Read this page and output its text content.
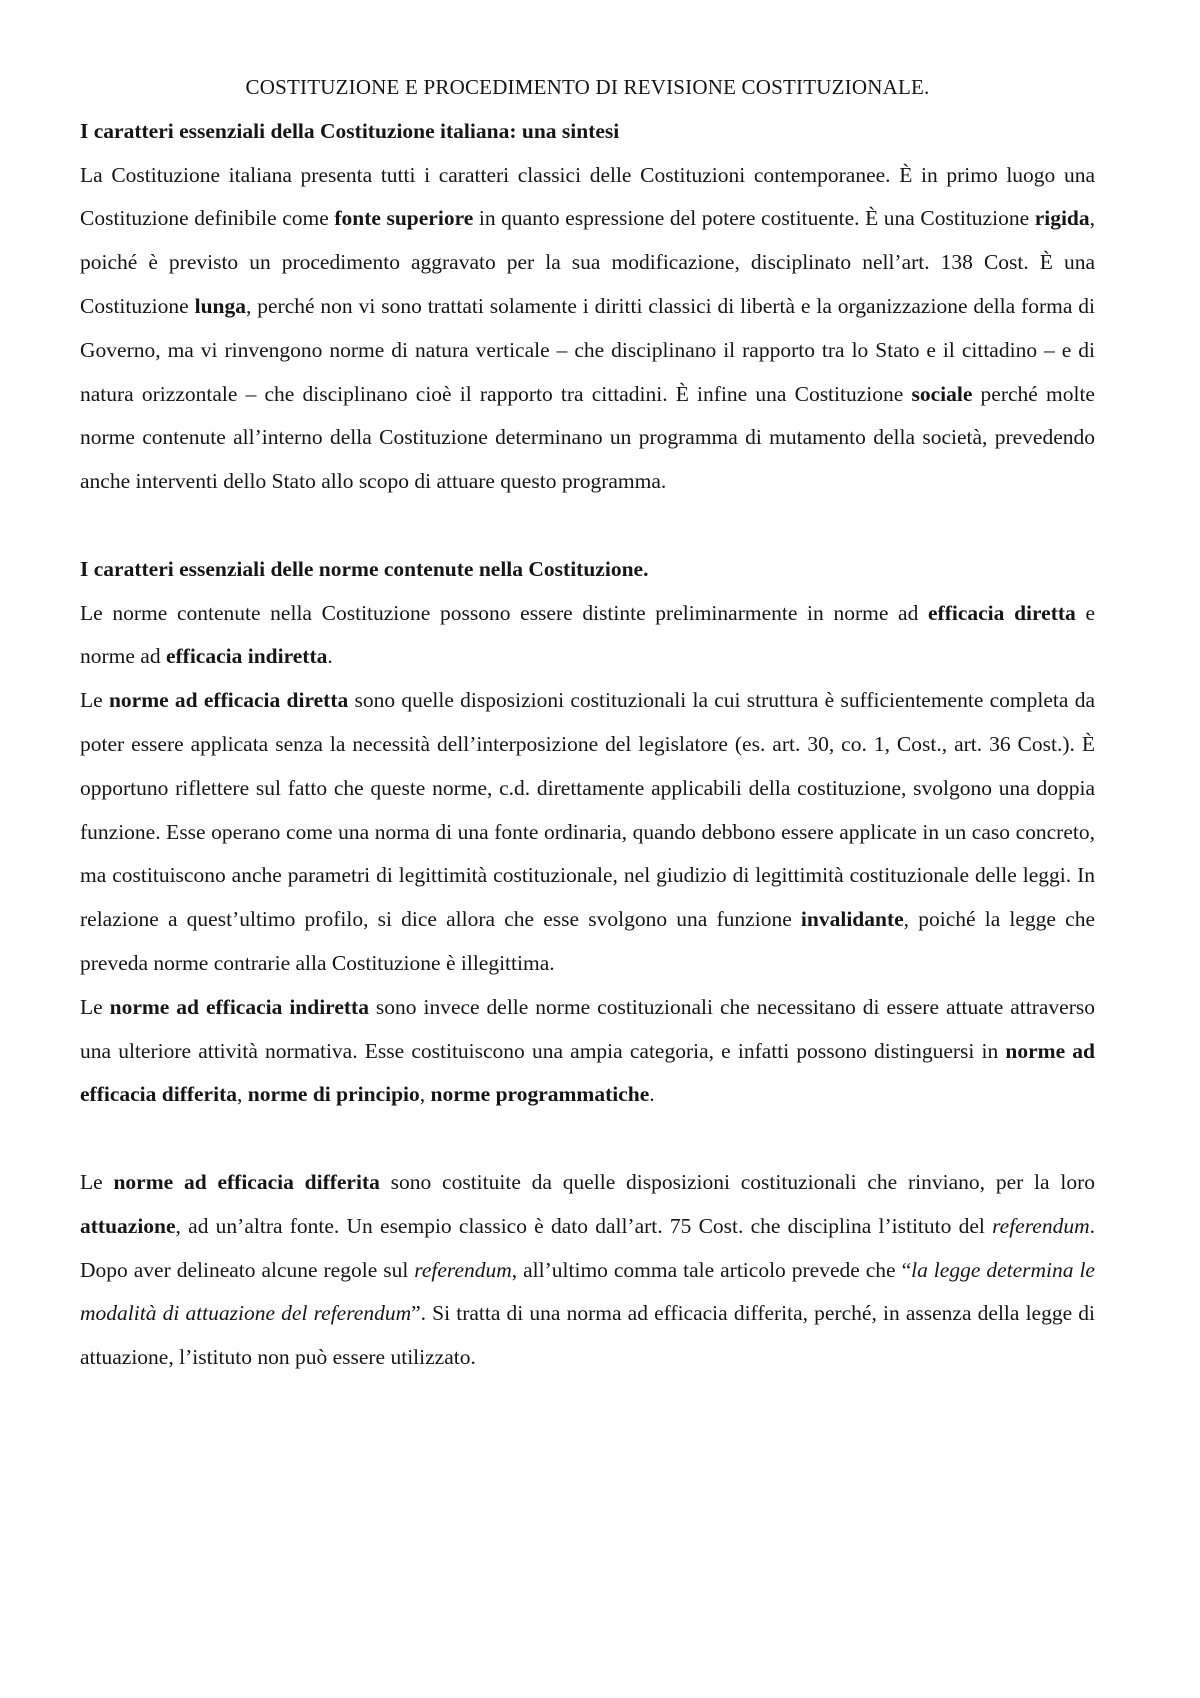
COSTITUZIONE E PROCEDIMENTO DI REVISIONE COSTITUZIONALE.

I caratteri essenziali della Costituzione italiana: una sintesi

La Costituzione italiana presenta tutti i caratteri classici delle Costituzioni contemporanee. È in primo luogo una Costituzione definibile come fonte superiore in quanto espressione del potere costituente. È una Costituzione rigida, poiché è previsto un procedimento aggravato per la sua modificazione, disciplinato nell’art. 138 Cost. È una Costituzione lunga, perché non vi sono trattati solamente i diritti classici di libertà e la organizzazione della forma di Governo, ma vi rinvengono norme di natura verticale – che disciplinano il rapporto tra lo Stato e il cittadino – e di natura orizzontale – che disciplinano cioè il rapporto tra cittadini. È infine una Costituzione sociale perché molte norme contenute all’interno della Costituzione determinano un programma di mutamento della società, prevedendo anche interventi dello Stato allo scopo di attuare questo programma.

I caratteri essenziali delle norme contenute nella Costituzione.

Le norme contenute nella Costituzione possono essere distinte preliminarmente in norme ad efficacia diretta e norme ad efficacia indiretta.

Le norme ad efficacia diretta sono quelle disposizioni costituzionali la cui struttura è sufficientemente completa da poter essere applicata senza la necessità dell’interposizione del legislatore (es. art. 30, co. 1, Cost., art. 36 Cost.). È opportuno riflettere sul fatto che queste norme, c.d. direttamente applicabili della costituzione, svolgono una doppia funzione. Esse operano come una norma di una fonte ordinaria, quando debbono essere applicate in un caso concreto, ma costituiscono anche parametri di legittimità costituzionale, nel giudizio di legittimità costituzionale delle leggi. In relazione a quest’ultimo profilo, si dice allora che esse svolgono una funzione invalidante, poiché la legge che preveda norme contrarie alla Costituzione è illegittima.

Le norme ad efficacia indiretta sono invece delle norme costituzionali che necessitano di essere attuate attraverso una ulteriore attività normativa. Esse costituiscono una ampia categoria, e infatti possono distinguersi in norme ad efficacia differita, norme di principio, norme programmatiche.

Le norme ad efficacia differita sono costituite da quelle disposizioni costituzionali che rinviano, per la loro attuazione, ad un’altra fonte. Un esempio classico è dato dall’art. 75 Cost. che disciplina l’istituto del referendum. Dopo aver delineato alcune regole sul referendum, all’ultimo comma tale articolo prevede che “la legge determina le modalità di attuazione del referendum”. Si tratta di una norma ad efficacia differita, perché, in assenza della legge di attuazione, l’istituto non può essere utilizzato.
